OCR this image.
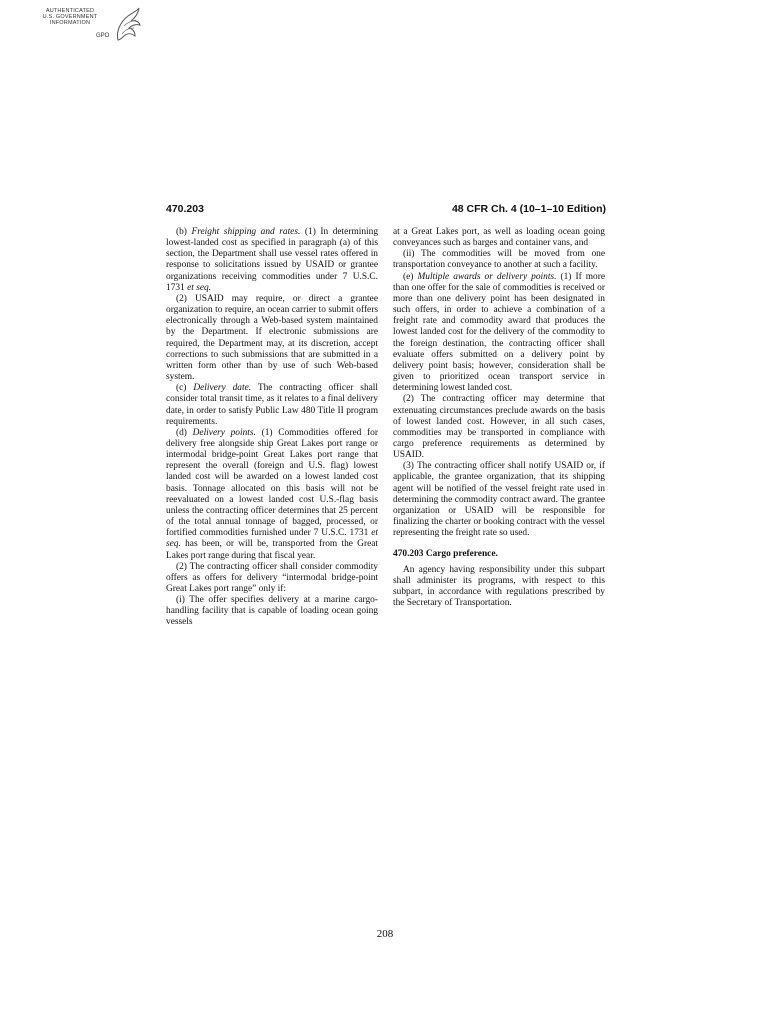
AUTHENTICATED
U.S. GOVERNMENT
INFORMATION
GPO
470.203	48 CFR Ch. 4 (10–1–10 Edition)

(b) Freight shipping and rates. (1) In determining lowest-landed cost as specified in paragraph (a) of this section, the Department shall use vessel rates offered in response to solicitations issued by USAID or grantee organizations receiving commodities under 7 U.S.C. 1731 et seq.

(2) USAID may require, or direct a grantee organization to require, an ocean carrier to submit offers electronically through a Web-based system maintained by the Department. If electronic submissions are required, the Department may, at its discretion, accept corrections to such submissions that are submitted in a written form other than by use of such Web-based system.

(c) Delivery date. The contracting officer shall consider total transit time, as it relates to a final delivery date, in order to satisfy Public Law 480 Title II program requirements.

(d) Delivery points. (1) Commodities offered for delivery free alongside ship Great Lakes port range or intermodal bridge-point Great Lakes port range that represent the overall (foreign and U.S. flag) lowest landed cost will be awarded on a lowest landed cost basis. Tonnage allocated on this basis will not be reevaluated on a lowest landed cost U.S.-flag basis unless the contracting officer determines that 25 percent of the total annual tonnage of bagged, processed, or fortified commodities furnished under 7 U.S.C. 1731 et seq. has been, or will be, transported from the Great Lakes port range during that fiscal year.

(2) The contracting officer shall consider commodity offers as offers for delivery “intermodal bridge-point Great Lakes port range” only if:

(i) The offer specifies delivery at a marine cargo-handling facility that is capable of loading ocean going vessels

at a Great Lakes port, as well as loading ocean going conveyances such as barges and container vans, and

(ii) The commodities will be moved from one transportation conveyance to another at such a facility.

(e) Multiple awards or delivery points. (1) If more than one offer for the sale of commodities is received or more than one delivery point has been designated in such offers, in order to achieve a combination of a freight rate and commodity award that produces the lowest landed cost for the delivery of the commodity to the foreign destination, the contracting officer shall evaluate offers submitted on a delivery point by delivery point basis; however, consideration shall be given to prioritized ocean transport service in determining lowest landed cost.

(2) The contracting officer may determine that extenuating circumstances preclude awards on the basis of lowest landed cost. However, in all such cases, commodities may be transported in compliance with cargo preference requirements as determined by USAID.

(3) The contracting officer shall notify USAID or, if applicable, the grantee organization, that its shipping agent will be notified of the vessel freight rate used in determining the commodity contract award. The grantee organization or USAID will be responsible for finalizing the charter or booking contract with the vessel representing the freight rate so used.

470.203 Cargo preference.

An agency having responsibility under this subpart shall administer its programs, with respect to this subpart, in accordance with regulations prescribed by the Secretary of Transportation.

208
